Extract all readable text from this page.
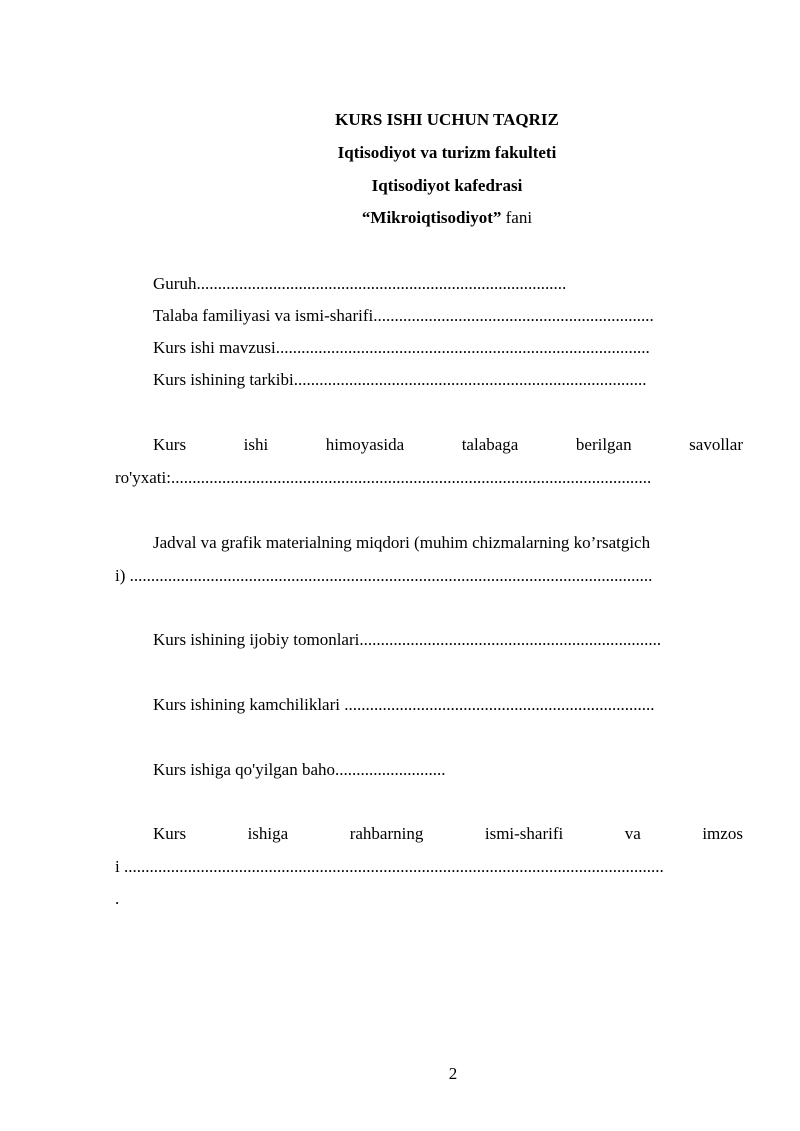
KURS ISHI UCHUN TAQRIZ
Iqtisodiyot va turizm fakulteti
Iqtisodiyot kafedrasi
“Mikroiqtisodiyot” fani
Guruh.......................................................................................
Talaba familiyasi va ismi-sharifi..................................................................
Kurs ishi mavzusi........................................................................................
Kurs ishining tarkibi...................................................................................
Kurs	ishi	himoyasida	talabaga	berilgan	savollar
ro'yxati:.................................................................................................................
Jadval va grafik materialning miqdori (muhim chizmalarning ko’rsatgich
i) ...........................................................................................................................
Kurs ishining ijobiy tomonlari.......................................................................
Kurs ishining kamchiliklari .........................................................................
Kurs ishiga qo'yilgan baho..........................
Kurs	ishiga	rahbarning	ismi-sharifi	va	imzos
i ...............................................................................................................................
.
2
